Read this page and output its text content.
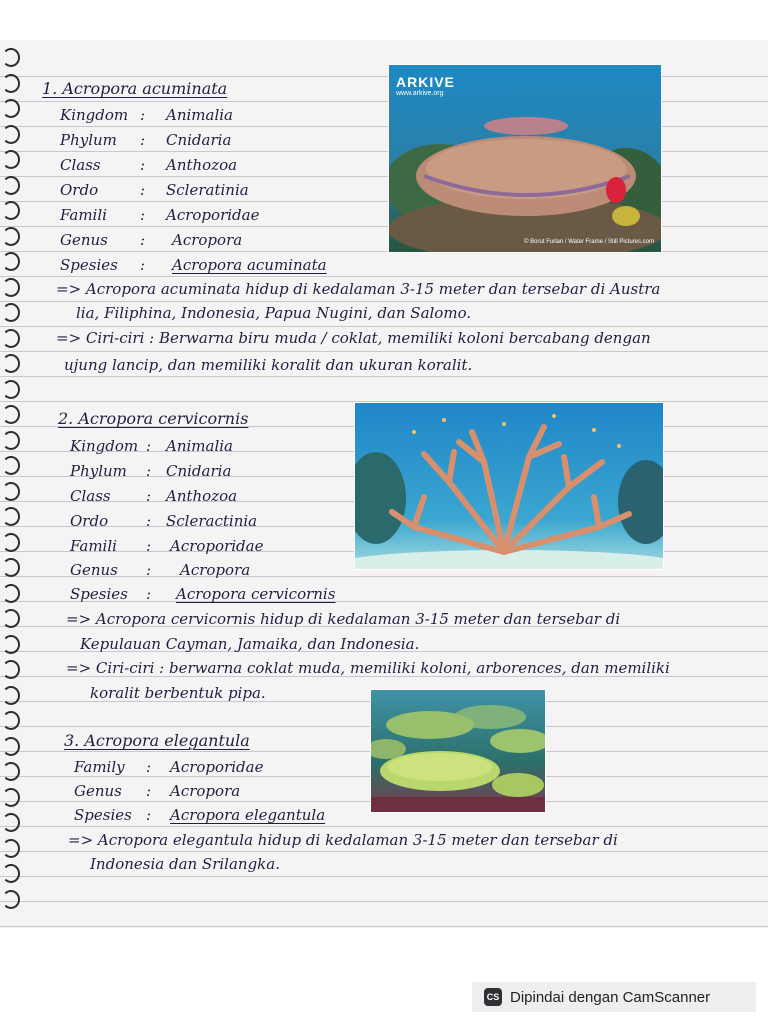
1. Acropora acuminata

Kingdom : Animalia

Phylum : Cnidaria

Class	: Anthozoa

Ordo	: Scleratinia

Famili : Acroporidae

Genus : Acropora

Spesies : Acropora acuminata

ARKIVE
www.arkive.org
© Borut Furlan / Water Frame / Still Pictures.com

=> Acropora acuminata hidup di kedalaman 3-15 meter dan tersebar di Austra

lia, Filiphina, Indonesia, Papua Nugini, dan Salomo.

=> Ciri-ciri : Berwarna biru muda / coklat, memiliki koloni bercabang dengan

ujung lancip, dan memiliki koralit dan ukuran koralit.

2. Acropora cervicornis

Kingdom : Animalia

Phylum : Cnidaria

Class : Anthozoa

Ordo	: Scleractinia

Famili : Acroporidae

Genus : Acropora

Spesies : Acropora cervicornis

=> Acropora cervicornis hidup di kedalaman 3-15 meter dan tersebar di

Kepulauan Cayman, Jamaika, dan Indonesia.

=> Ciri-ciri : berwarna coklat muda, memiliki koloni, arborences, dan memiliki

koralit berbentuk pipa.

3. Acropora elegantula

Family : Acroporidae

Genus : Acropora

Spesies : Acropora elegantula

=> Acropora elegantula hidup di kedalaman 3-15 meter dan tersebar di

Indonesia dan Srilangka.

CS Dipindai dengan CamScanner
